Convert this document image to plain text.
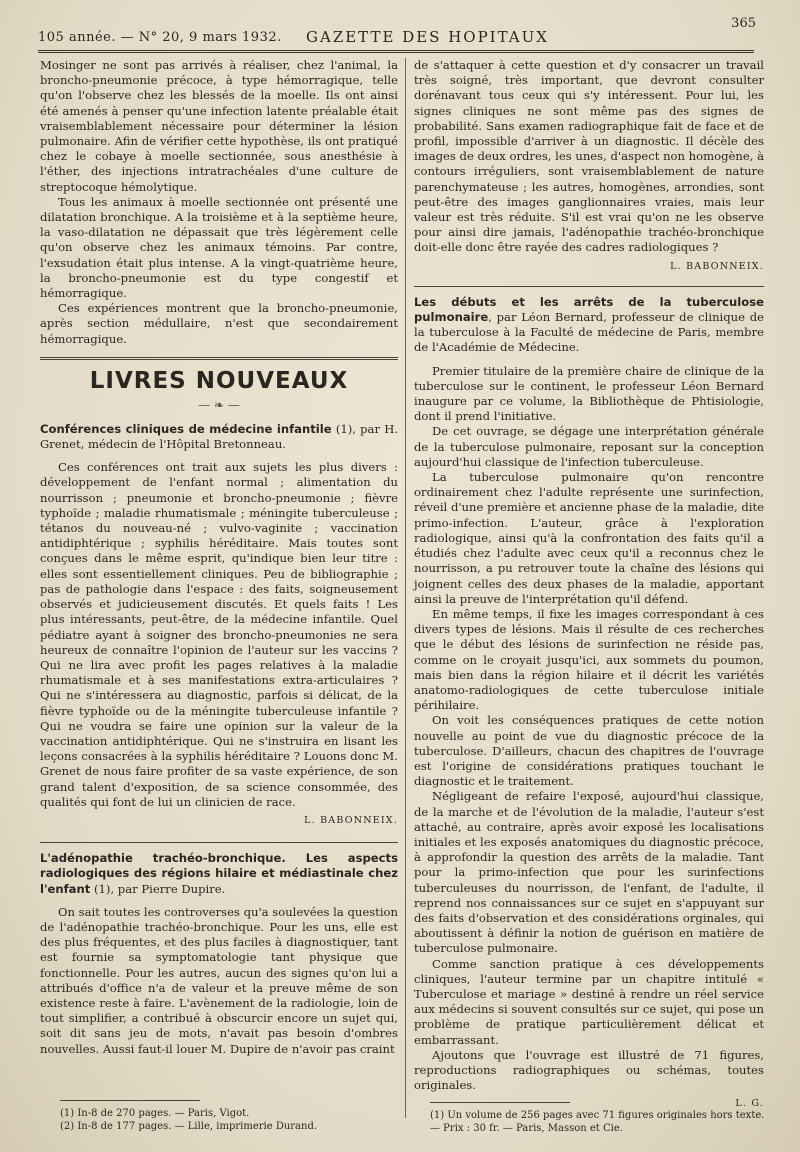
105 année. — N° 20, 9 mars 1932. GAZETTE DES HOPITAUX
365

Mosinger ne sont pas arrivés à réaliser, chez l'animal, la broncho-pneumonie précoce, à type hémorragique, telle qu'on l'observe chez les blessés de la moelle. Ils ont ainsi été amenés à penser qu'une infection latente préalable était vraisemblablement nécessaire pour déterminer la lésion pulmonaire. Afin de vérifier cette hypothèse, ils ont pratiqué chez le cobaye à moelle sectionnée, sous anesthésie à l'éther, des injections intratrachéales d'une culture de streptocoque hémolytique.

Tous les animaux à moelle sectionnée ont présenté une dilatation bronchique. A la troisième et à la septième heure, la vaso-dilatation ne dépassait que très légèrement celle qu'on observe chez les animaux témoins. Par contre, l'exsudation était plus intense. A la vingt-quatrième heure, la broncho-pneumonie est du type congestif et hémorragique.

Ces expériences montrent que la broncho-pneumonie, après section médullaire, n'est que secondairement hémorragique.

LIVRES NOUVEAUX
— ❧ —

Conférences cliniques de médecine infantile (1), par H. Grenet, médecin de l'Hôpital Bretonneau.

Ces conférences ont trait aux sujets les plus divers : développement de l'enfant normal ; alimentation du nourrisson ; pneumonie et broncho-pneumonie ; fièvre typhoïde ; maladie rhumatismale ; méningite tuberculeuse ; tétanos du nouveau-né ; vulvo-vaginite ; vaccination antidiphtérique ; syphilis héréditaire. Mais toutes sont conçues dans le même esprit, qu'indique bien leur titre : elles sont essentiellement cliniques. Peu de bibliographie ; pas de pathologie dans l'espace : des faits, soigneusement observés et judicieusement discutés. Et quels faits ! Les plus intéressants, peut-être, de la médecine infantile. Quel pédiatre ayant à soigner des broncho-pneumonies ne sera heureux de connaître l'opinion de l'auteur sur les vaccins ? Qui ne lira avec profit les pages relatives à la maladie rhumatismale et à ses manifestations extra-articulaires ? Qui ne s'intéressera au diagnostic, parfois si délicat, de la fièvre typhoïde ou de la méningite tuberculeuse infantile ? Qui ne voudra se faire une opinion sur la valeur de la vaccination antidiphtérique. Qui ne s'instruira en lisant les leçons consacrées à la syphilis héréditaire ? Louons donc M. Grenet de nous faire profiter de sa vaste expérience, de son grand talent d'exposition, de sa science consommée, des qualités qui font de lui un clinicien de race.

L. BABONNEIX.

L'adénopathie trachéo-bronchique. Les aspects radiologiques des régions hilaire et médiastinale chez l'enfant (1), par Pierre Dupire.

On sait toutes les controverses qu'a soulevées la question de l'adénopathie trachéo-bronchique. Pour les uns, elle est des plus fréquentes, et des plus faciles à diagnostiquer, tant est fournie sa symptomatologie tant physique que fonctionnelle. Pour les autres, aucun des signes qu'on lui a attribués d'office n'a de valeur et la preuve même de son existence reste à faire. L'avènement de la radiologie, loin de tout simplifier, a contribué à obscurcir encore un sujet qui, soit dit sans jeu de mots, n'avait pas besoin d'ombres nouvelles. Aussi faut-il louer M. Dupire de n'avoir pas craint

(1) In-8 de 270 pages. — Paris, Vigot.

(2) In-8 de 177 pages. — Lille, imprimerie Durand.

de s'attaquer à cette question et d'y consacrer un travail très soigné, très important, que devront consulter dorénavant tous ceux qui s'y intéressent. Pour lui, les signes cliniques ne sont même pas des signes de probabilité. Sans examen radiographique fait de face et de profil, impossible d'arriver à un diagnostic. Il décèle des images de deux ordres, les unes, d'aspect non homogène, à contours irréguliers, sont vraisemblablement de nature parenchymateuse ; les autres, homogènes, arrondies, sont peut-être des images ganglionnaires vraies, mais leur valeur est très réduite. S'il est vrai qu'on ne les observe pour ainsi dire jamais, l'adénopathie trachéo-bronchique doit-elle donc être rayée des cadres radiologiques ?

L. BABONNEIX.

Les débuts et les arrêts de la tuberculose pulmonaire, par Léon Bernard, professeur de clinique de la tuberculose à la Faculté de médecine de Paris, membre de l'Académie de Médecine.

Premier titulaire de la première chaire de clinique de la tuberculose sur le continent, le professeur Léon Bernard inaugure par ce volume, la Bibliothèque de Phtisiologie, dont il prend l'initiative.

De cet ouvrage, se dégage une interprétation générale de la tuberculose pulmonaire, reposant sur la conception aujourd'hui classique de l'infection tuberculeuse.

La tuberculose pulmonaire qu'on rencontre ordinairement chez l'adulte représente une surinfection, réveil d'une première et ancienne phase de la maladie, dite primo-infection. L'auteur, grâce à l'exploration radiologique, ainsi qu'à la confrontation des faits qu'il a étudiés chez l'adulte avec ceux qu'il a reconnus chez le nourrisson, a pu retrouver toute la chaîne des lésions qui joignent celles des deux phases de la maladie, apportant ainsi la preuve de l'interprétation qu'il défend.

En même temps, il fixe les images correspondant à ces divers types de lésions. Mais il résulte de ces recherches que le début des lésions de surinfection ne réside pas, comme on le croyait jusqu'ici, aux sommets du poumon, mais bien dans la région hilaire et il décrit les variétés anatomo-radiologiques de cette tuberculose initiale périhilaire.

On voit les conséquences pratiques de cette notion nouvelle au point de vue du diagnostic précoce de la tuberculose. D'ailleurs, chacun des chapitres de l'ouvrage est l'origine de considérations pratiques touchant le diagnostic et le traitement.

Négligeant de refaire l'exposé, aujourd'hui classique, de la marche et de l'évolution de la maladie, l'auteur s'est attaché, au contraire, après avoir exposé les localisations initiales et les exposés anatomiques du diagnostic précoce, à approfondir la question des arrêts de la maladie. Tant pour la primo-infection que pour les surinfections tuberculeuses du nourrisson, de l'enfant, de l'adulte, il reprend nos connaissances sur ce sujet en s'appuyant sur des faits d'observation et des considérations orginales, qui aboutissent à définir la notion de guérison en matière de tuberculose pulmonaire.

Comme sanction pratique à ces développements cliniques, l'auteur termine par un chapitre intitulé « Tuberculose et mariage » destiné à rendre un réel service aux médecins si souvent consultés sur ce sujet, qui pose un problème de pratique particulièrement délicat et embarrassant.

Ajoutons que l'ouvrage est illustré de 71 figures, reproductions radiographiques ou schémas, toutes originales.

L. G.

(1) Un volume de 256 pages avec 71 figures originales hors texte. — Prix : 30 fr. — Paris, Masson et Cie.
